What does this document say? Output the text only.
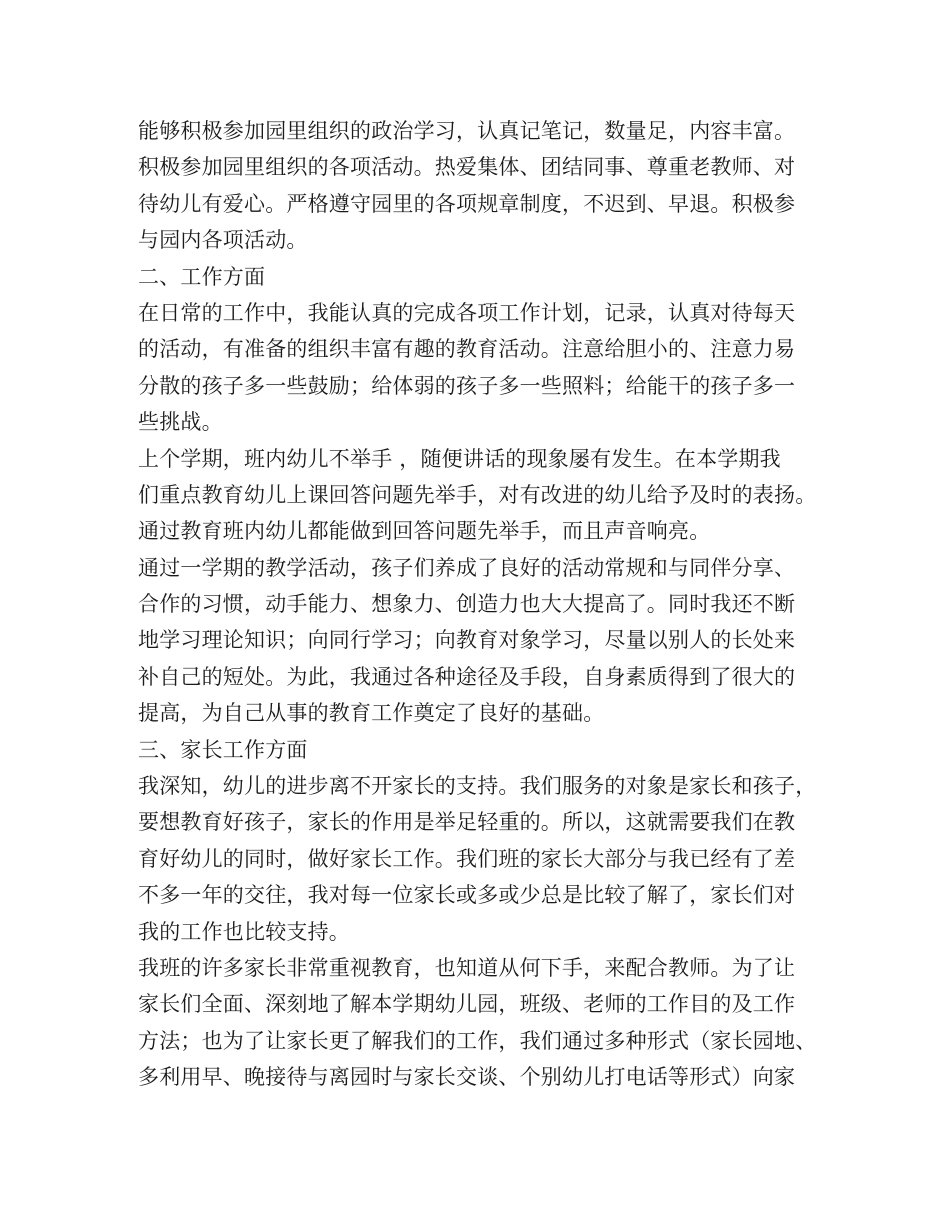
能够积极参加园里组织的政治学习，认真记笔记，数量足，内容丰富。
积极参加园里组织的各项活动。热爱集体、团结同事、尊重老教师、对
待幼儿有爱心。严格遵守园里的各项规章制度，不迟到、早退。积极参
与园内各项活动。
二、工作方面
在日常的工作中，我能认真的完成各项工作计划，记录，认真对待每天
的活动，有准备的组织丰富有趣的教育活动。注意给胆小的、注意力易
分散的孩子多一些鼓励；给体弱的孩子多一些照料；给能干的孩子多一
些挑战。
上个学期，班内幼儿不举手 ，随便讲话的现象屡有发生。在本学期我
们重点教育幼儿上课回答问题先举手，对有改进的幼儿给予及时的表扬。
通过教育班内幼儿都能做到回答问题先举手，而且声音响亮。
通过一学期的教学活动，孩子们养成了良好的活动常规和与同伴分享、
合作的习惯，动手能力、想象力、创造力也大大提高了。同时我还不断
地学习理论知识；向同行学习；向教育对象学习，尽量以别人的长处来
补自己的短处。为此，我通过各种途径及手段，自身素质得到了很大的
提高，为自己从事的教育工作奠定了良好的基础。
三、家长工作方面
我深知，幼儿的进步离不开家长的支持。我们服务的对象是家长和孩子，
要想教育好孩子，家长的作用是举足轻重的。所以，这就需要我们在教
育好幼儿的同时，做好家长工作。我们班的家长大部分与我已经有了差
不多一年的交往，我对每一位家长或多或少总是比较了解了，家长们对
我的工作也比较支持。
我班的许多家长非常重视教育，也知道从何下手，来配合教师。为了让
家长们全面、深刻地了解本学期幼儿园，班级、老师的工作目的及工作
方法；也为了让家长更了解我们的工作，我们通过多种形式（家长园地、
多利用早、晚接待与离园时与家长交谈、个别幼儿打电话等形式）向家
